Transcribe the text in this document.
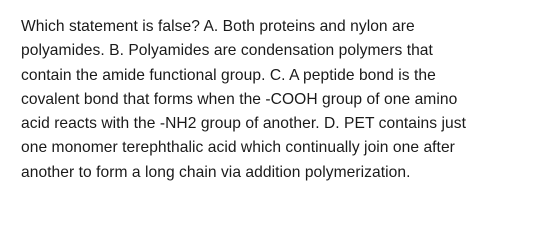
Which statement is false? A. Both proteins and nylon are
polyamides. B. Polyamides are condensation polymers that
contain the amide functional group. C. A peptide bond is the
covalent bond that forms when the -COOH group of one amino
acid reacts with the -NH2 group of another. D. PET contains just
one monomer terephthalic acid which continually join one after
another to form a long chain via addition polymerization.
